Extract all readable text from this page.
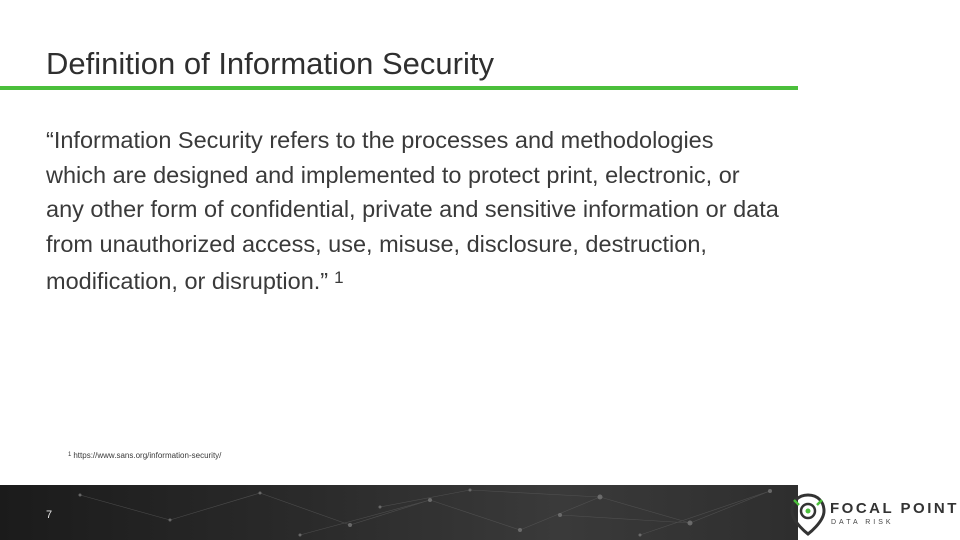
Definition of Information Security
“Information Security refers to the processes and methodologies
which are designed and implemented to protect print, electronic, or
any other form of confidential, private and sensitive information or data
from unauthorized access, use, misuse, disclosure, destruction,
modification, or disruption.” $^1$
$^1$ https://www.sans.org/information-security/
7	FOCAL POINT
DATA RISK
